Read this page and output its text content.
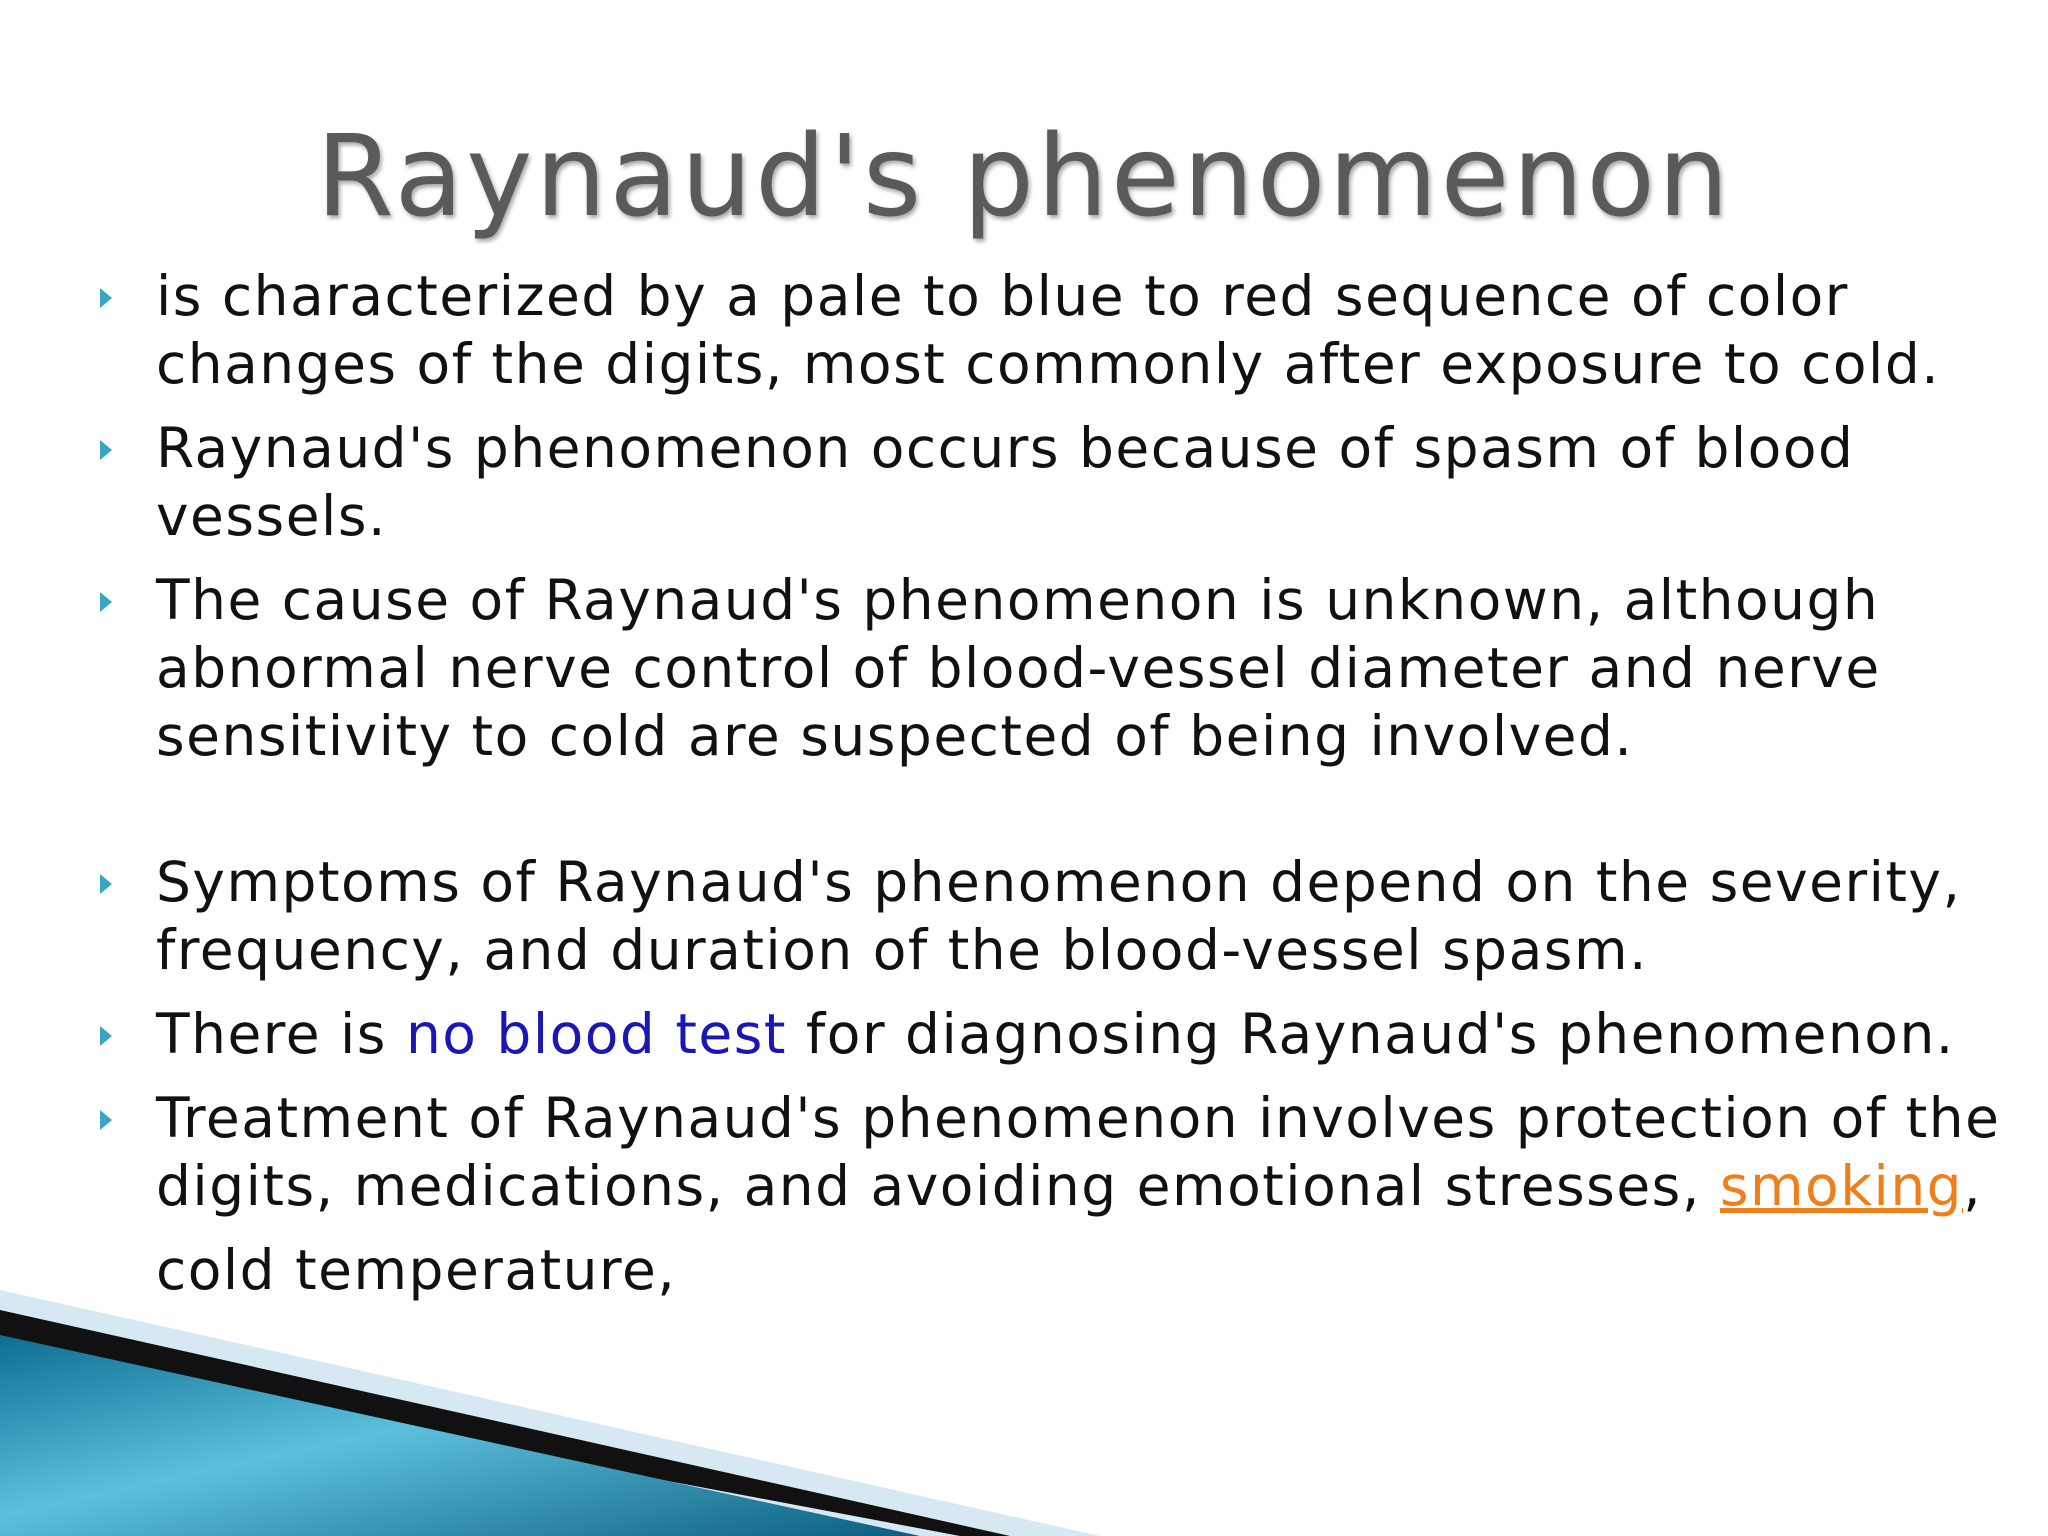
Raynaud's phenomenon
is characterized by a pale to blue to red sequence of color changes of the digits, most commonly after exposure to cold.
Raynaud's phenomenon occurs because of spasm of blood vessels.
The cause of Raynaud's phenomenon is unknown, although abnormal nerve control of blood-vessel diameter and nerve sensitivity to cold are suspected of being involved.
Symptoms of Raynaud's phenomenon depend on the severity, frequency, and duration of the blood-vessel spasm.
There is no blood test for diagnosing Raynaud's phenomenon.
Treatment of Raynaud's phenomenon involves protection of the digits, medications, and avoiding emotional stresses, smoking,
cold temperature,
